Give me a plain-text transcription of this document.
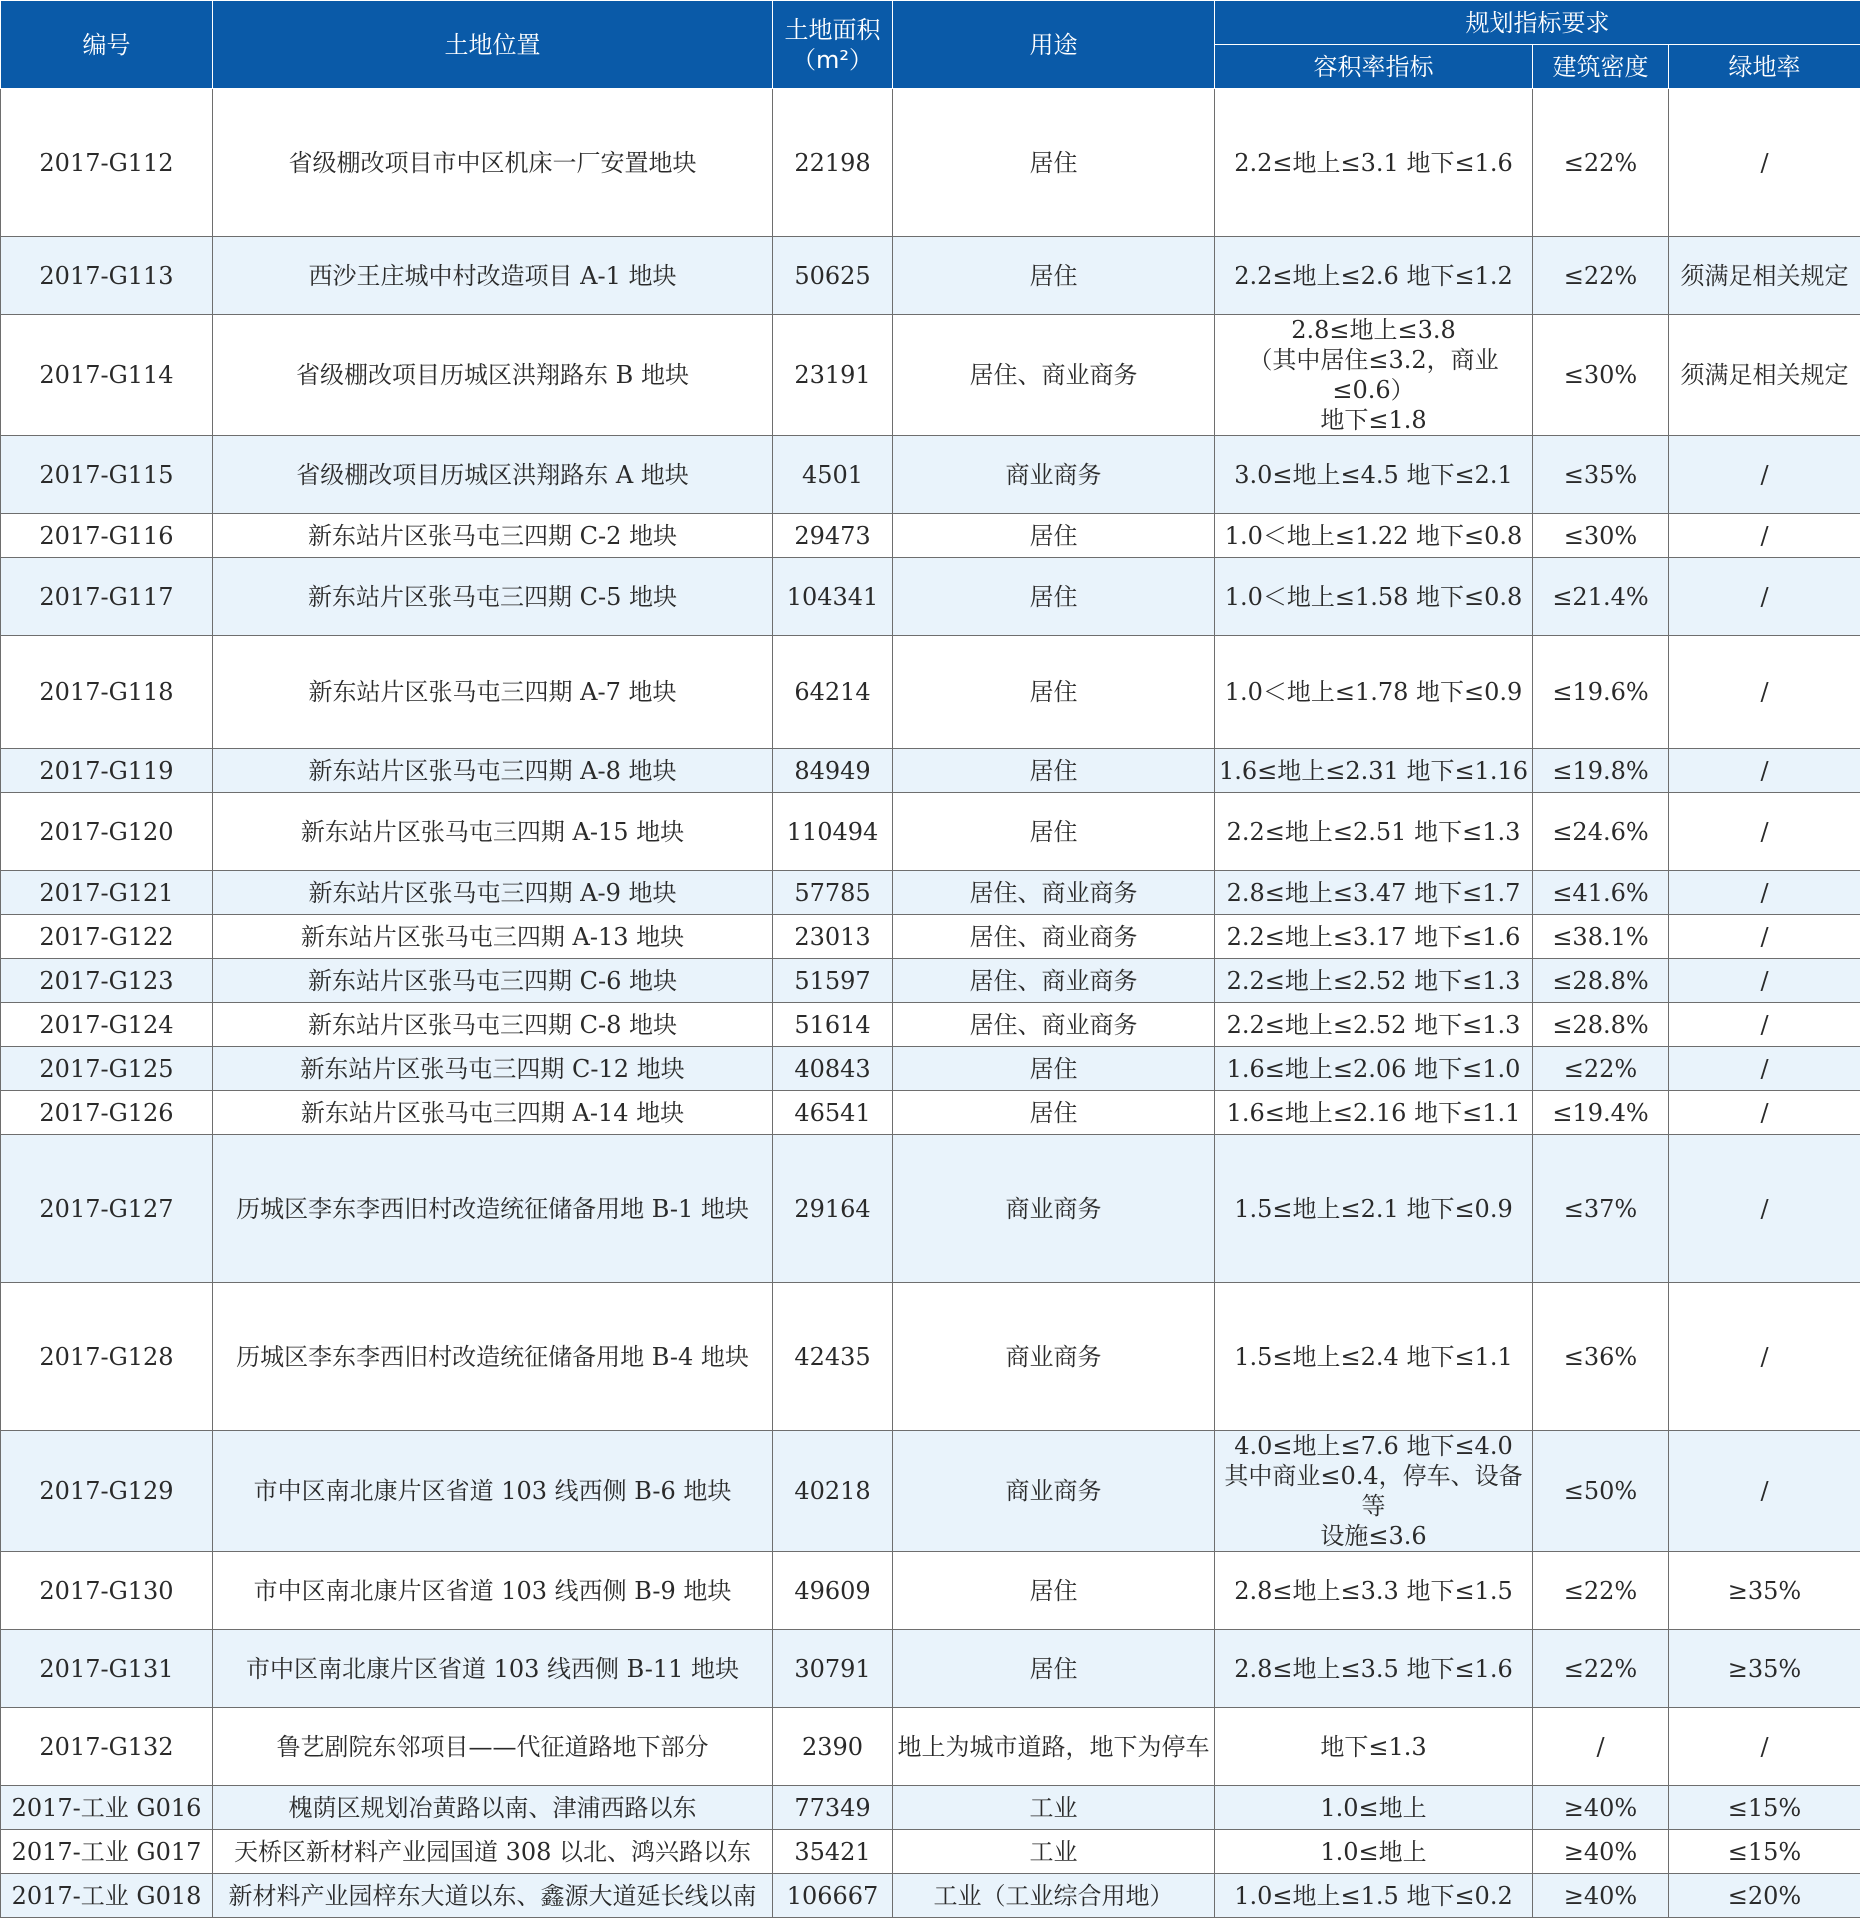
编号	土地位置	土地面积
（m²）	用途	规划指标要求		
				容积率指标	建筑密度	绿地率
2017-G112	省级棚改项目市中区机床一厂安置地块	22198	居住	2.2≤地上≤3.1 地下≤1.6	≤22%	/
2017-G113	西沙王庄城中村改造项目 A-1 地块	50625	居住	2.2≤地上≤2.6 地下≤1.2	≤22%	须满足相关规定
2017-G114	省级棚改项目历城区洪翔路东 B 地块	23191	居住、商业商务	2.8≤地上≤3.8
（其中居住≤3.2，商业≤0.6）
地下≤1.8	≤30%	须满足相关规定
2017-G115	省级棚改项目历城区洪翔路东 A 地块	4501	商业商务	3.0≤地上≤4.5 地下≤2.1	≤35%	/
2017-G116	新东站片区张马屯三四期 C-2 地块	29473	居住	1.0＜地上≤1.22 地下≤0.8	≤30%	/
2017-G117	新东站片区张马屯三四期 C-5 地块	104341	居住	1.0＜地上≤1.58 地下≤0.8	≤21.4%	/
2017-G118	新东站片区张马屯三四期 A-7 地块	64214	居住	1.0＜地上≤1.78 地下≤0.9	≤19.6%	/
2017-G119	新东站片区张马屯三四期 A-8 地块	84949	居住	1.6≤地上≤2.31 地下≤1.16	≤19.8%	/
2017-G120	新东站片区张马屯三四期 A-15 地块	110494	居住	2.2≤地上≤2.51 地下≤1.3	≤24.6%	/
2017-G121	新东站片区张马屯三四期 A-9 地块	57785	居住、商业商务	2.8≤地上≤3.47 地下≤1.7	≤41.6%	/
2017-G122	新东站片区张马屯三四期 A-13 地块	23013	居住、商业商务	2.2≤地上≤3.17 地下≤1.6	≤38.1%	/
2017-G123	新东站片区张马屯三四期 C-6 地块	51597	居住、商业商务	2.2≤地上≤2.52 地下≤1.3	≤28.8%	/
2017-G124	新东站片区张马屯三四期 C-8 地块	51614	居住、商业商务	2.2≤地上≤2.52 地下≤1.3	≤28.8%	/
2017-G125	新东站片区张马屯三四期 C-12 地块	40843	居住	1.6≤地上≤2.06 地下≤1.0	≤22%	/
2017-G126	新东站片区张马屯三四期 A-14 地块	46541	居住	1.6≤地上≤2.16 地下≤1.1	≤19.4%	/
2017-G127	历城区李东李西旧村改造统征储备用地 B-1 地块	29164	商业商务	1.5≤地上≤2.1 地下≤0.9	≤37%	/
2017-G128	历城区李东李西旧村改造统征储备用地 B-4 地块	42435	商业商务	1.5≤地上≤2.4 地下≤1.1	≤36%	/
2017-G129	市中区南北康片区省道 103 线西侧 B-6 地块	40218	商业商务	4.0≤地上≤7.6 地下≤4.0
其中商业≤0.4，停车、设备等
设施≤3.6	≤50%	/
2017-G130	市中区南北康片区省道 103 线西侧 B-9 地块	49609	居住	2.8≤地上≤3.3 地下≤1.5	≤22%	≥35%
2017-G131	市中区南北康片区省道 103 线西侧 B-11 地块	30791	居住	2.8≤地上≤3.5 地下≤1.6	≤22%	≥35%
2017-G132	鲁艺剧院东邻项目——代征道路地下部分	2390	地上为城市道路，地下为停车	地下≤1.3	/	/
2017-工业 G016	槐荫区规划冶黄路以南、津浦西路以东	77349	工业	1.0≤地上	≥40%	≤15%
2017-工业 G017	天桥区新材料产业园国道 308 以北、鸿兴路以东	35421	工业	1.0≤地上	≥40%	≤15%
2017-工业 G018	新材料产业园梓东大道以东、鑫源大道延长线以南	106667	工业（工业综合用地）	1.0≤地上≤1.5 地下≤0.2	≥40%	≤20%
